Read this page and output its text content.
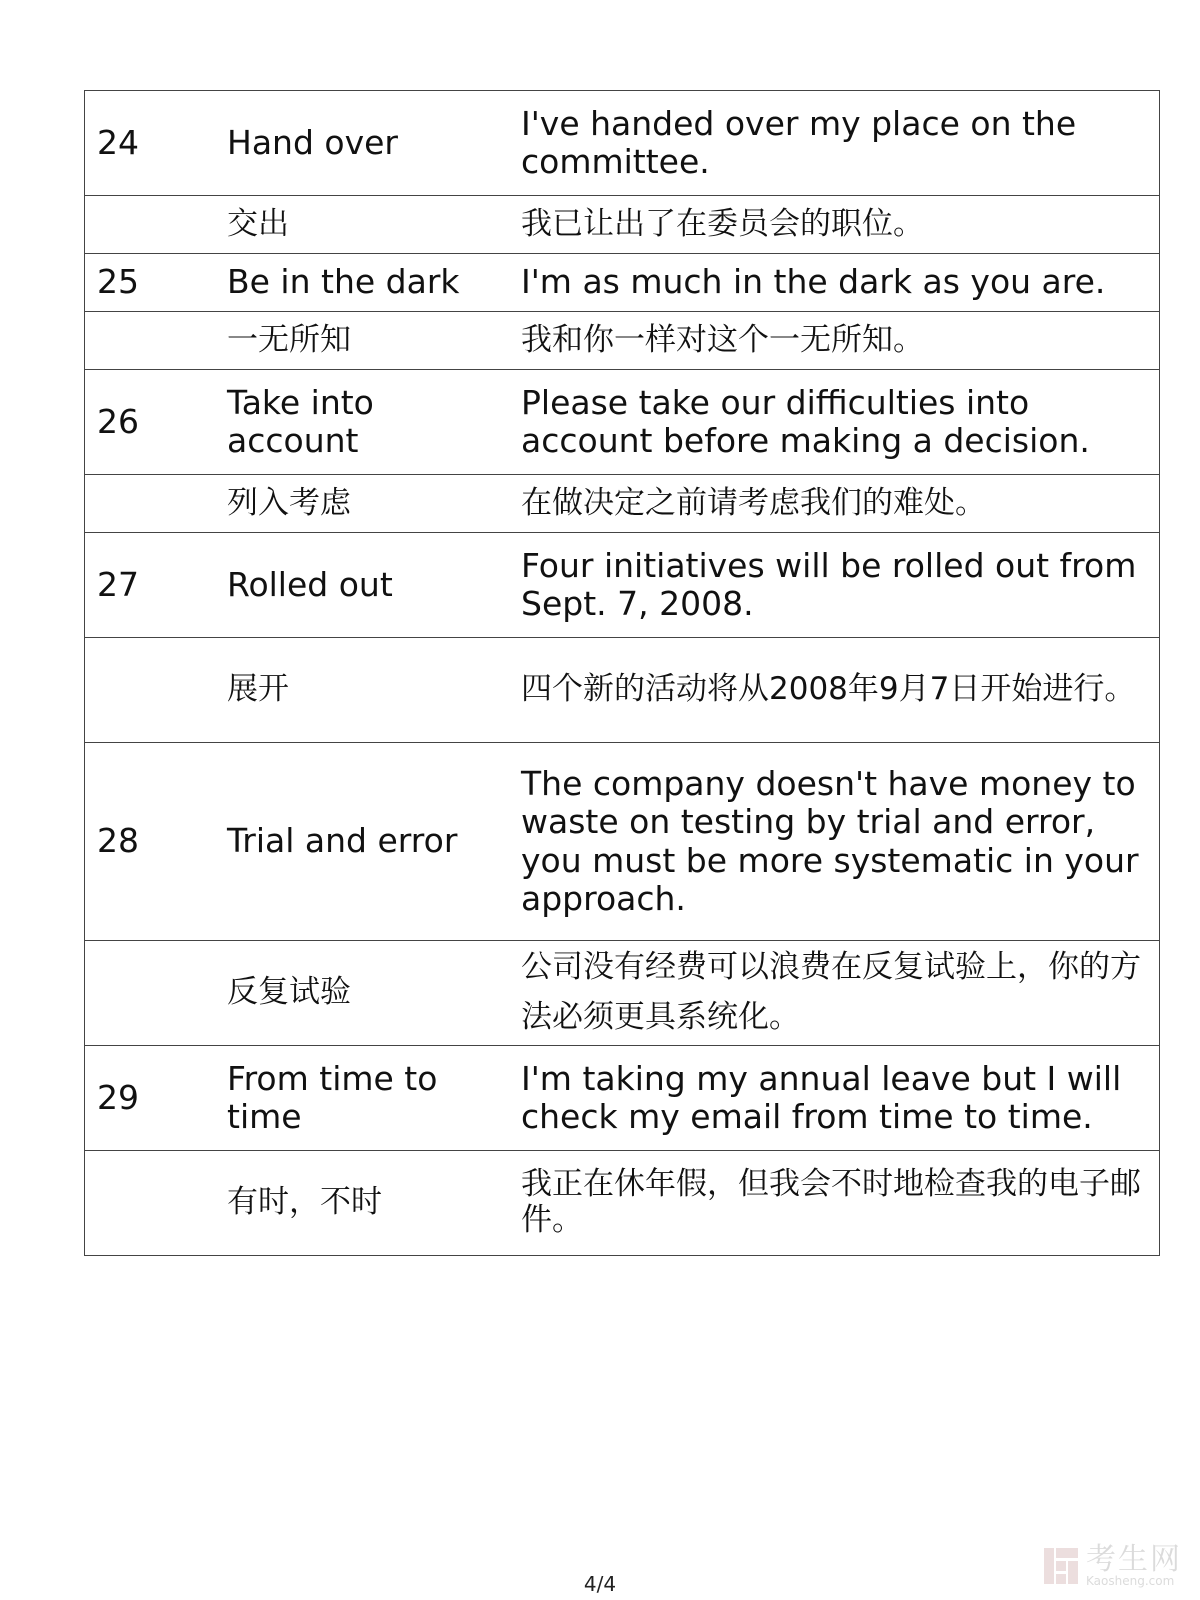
24	Hand over	I've handed over my place on the committee.
	交出	我已让出了在委员会的职位。
25	Be in the dark	I'm as much in the dark as you are.
	一无所知	我和你一样对这个一无所知。
26	Take into account	Please take our difficulties into account before making a decision.
	列入考虑	在做决定之前请考虑我们的难处。
27	Rolled out	Four initiatives will be rolled out from Sept. 7, 2008.
	展开	四个新的活动将从2008年9月7日开始进行。
28	Trial and error	The company doesn't have money to waste on testing by trial and error, you must be more systematic in your approach.
	反复试验	公司没有经费可以浪费在反复试验上，你的方法必须更具系统化。
29	From time to time	I'm taking my annual leave but I will check my email from time to time.
	有时，不时	我正在休年假，但我会不时地检查我的电子邮件。
4/4
考生网
Kaosheng.com
